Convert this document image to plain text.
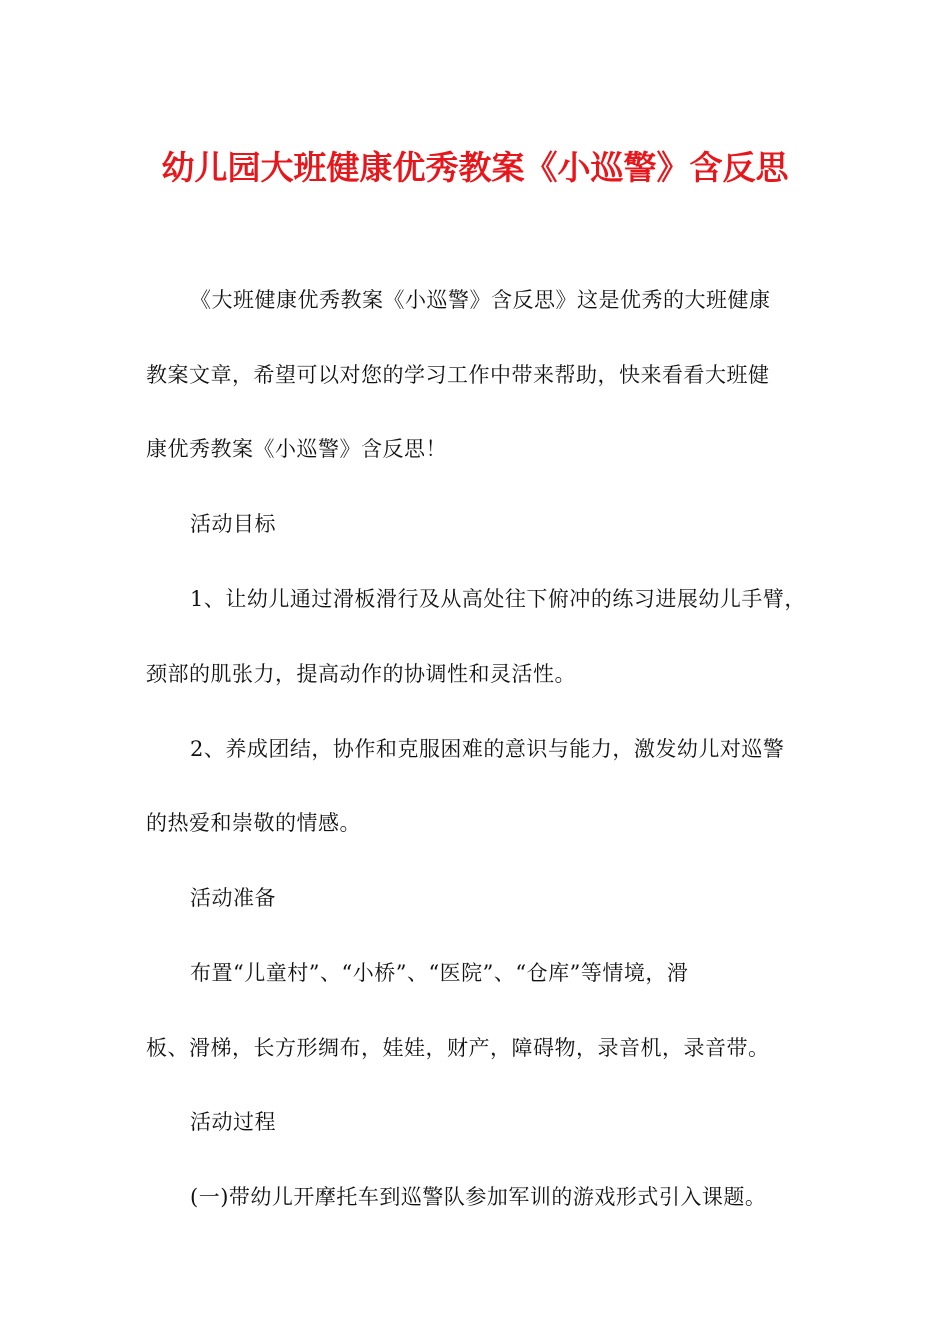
幼儿园大班健康优秀教案《小巡警》含反思
《大班健康优秀教案《小巡警》含反思》这是优秀的大班健康
教案文章，希望可以对您的学习工作中带来帮助，快来看看大班健
康优秀教案《小巡警》含反思！
活动目标
1、让幼儿通过滑板滑行及从高处往下俯冲的练习进展幼儿手臂，
颈部的肌张力，提高动作的协调性和灵活性。
2、养成团结，协作和克服困难的意识与能力，激发幼儿对巡警
的热爱和崇敬的情感。
活动准备
布置“儿童村”、“小桥”、“医院”、“仓库”等情境，滑
板、滑梯，长方形绸布，娃娃，财产，障碍物，录音机，录音带。
活动过程
(一)带幼儿开摩托车到巡警队参加军训的游戏形式引入课题。
